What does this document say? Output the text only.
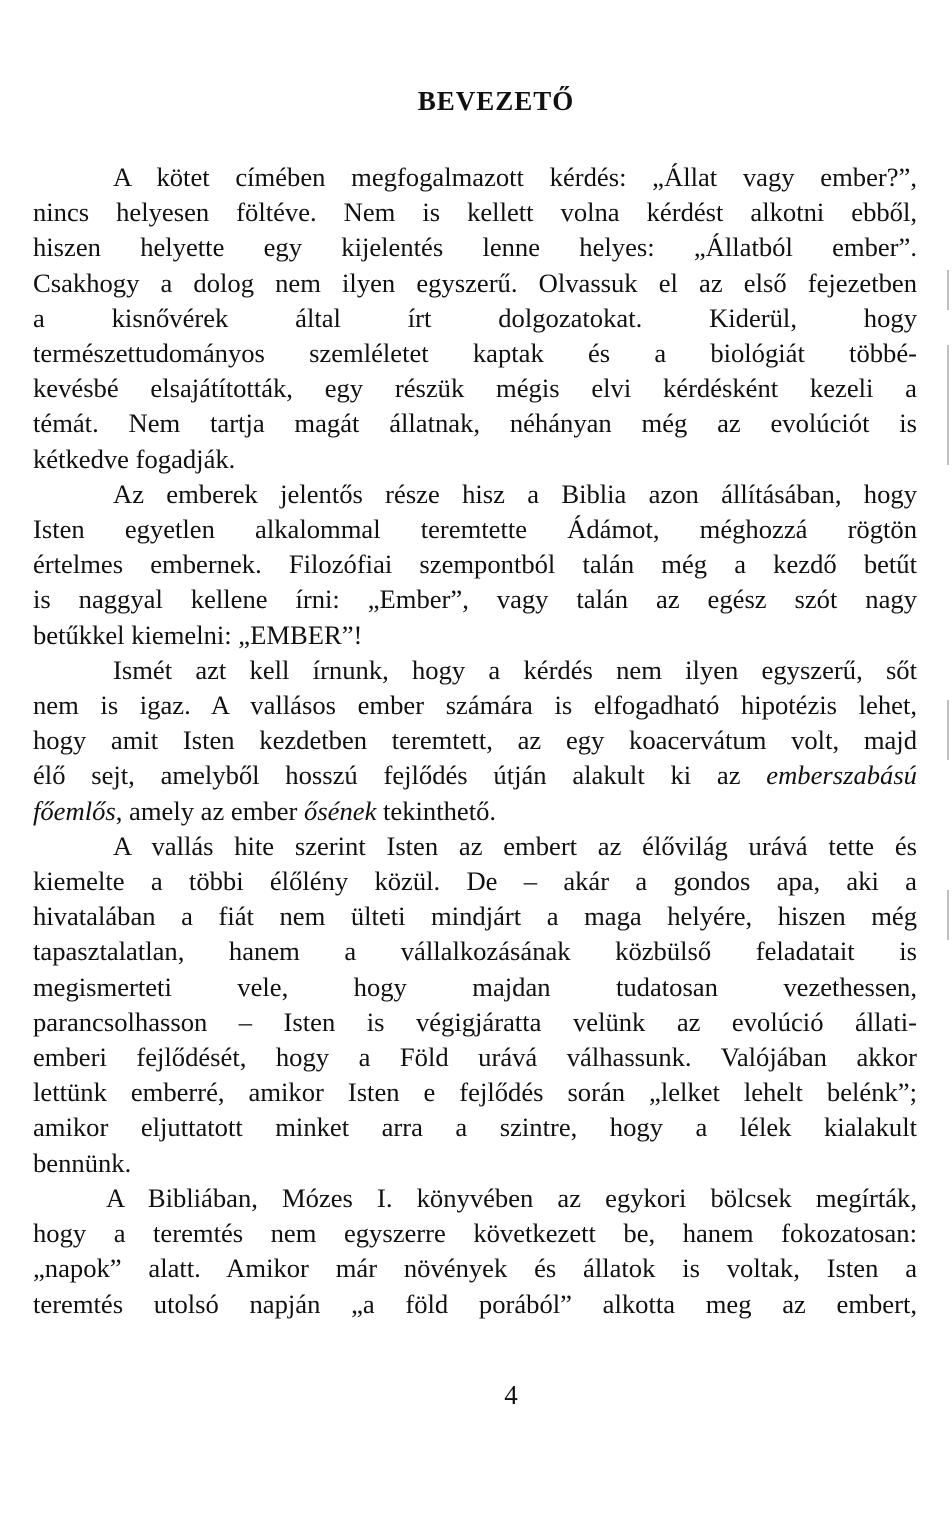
BEVEZETŐ
A kötet címében megfogalmazott kérdés: „Állat vagy ember?”,
nincs helyesen föltéve. Nem is kellett volna kérdést alkotni ebből,
hiszen helyette egy kijelentés lenne helyes: „Állatból ember”.
Csakhogy a dolog nem ilyen egyszerű. Olvassuk el az első fejezetben
a kisnővérek által írt dolgozatokat. Kiderül, hogy
természettudományos szemléletet kaptak és a biológiát többé-
kevésbé elsajátították, egy részük mégis elvi kérdésként kezeli a
témát. Nem tartja magát állatnak, néhányan még az evolúciót is
kétkedve fogadják.
Az emberek jelentős része hisz a Biblia azon állításában, hogy
Isten egyetlen alkalommal teremtette Ádámot, méghozzá rögtön
értelmes embernek. Filozófiai szempontból talán még a kezdő betűt
is naggyal kellene írni: „Ember”, vagy talán az egész szót nagy
betűkkel kiemelni: „EMBER”!
Ismét azt kell írnunk, hogy a kérdés nem ilyen egyszerű, sőt
nem is igaz. A vallásos ember számára is elfogadható hipotézis lehet,
hogy amit Isten kezdetben teremtett, az egy koacervátum volt, majd
élő sejt, amelyből hosszú fejlődés útján alakult ki az emberszabású
főemlős, amely az ember ősének tekinthető.
A vallás hite szerint Isten az embert az élővilág urává tette és
kiemelte a többi élőlény közül. De – akár a gondos apa, aki a
hivatalában a fiát nem ülteti mindjárt a maga helyére, hiszen még
tapasztalatlan, hanem a vállalkozásának közbülső feladatait is
megismerteti vele, hogy majdan tudatosan vezethessen,
parancsolhasson – Isten is végigjáratta velünk az evolúció állati-
emberi fejlődését, hogy a Föld urává válhassunk. Valójában akkor
lettünk emberré, amikor Isten e fejlődés során „lelket lehelt belénk”;
amikor eljuttatott minket arra a szintre, hogy a lélek kialakult
bennünk.
A Bibliában, Mózes I. könyvében az egykori bölcsek megírták,
hogy a teremtés nem egyszerre következett be, hanem fokozatosan:
„napok” alatt. Amikor már növények és állatok is voltak, Isten a
teremtés utolsó napján „a föld porából” alkotta meg az embert,
4
